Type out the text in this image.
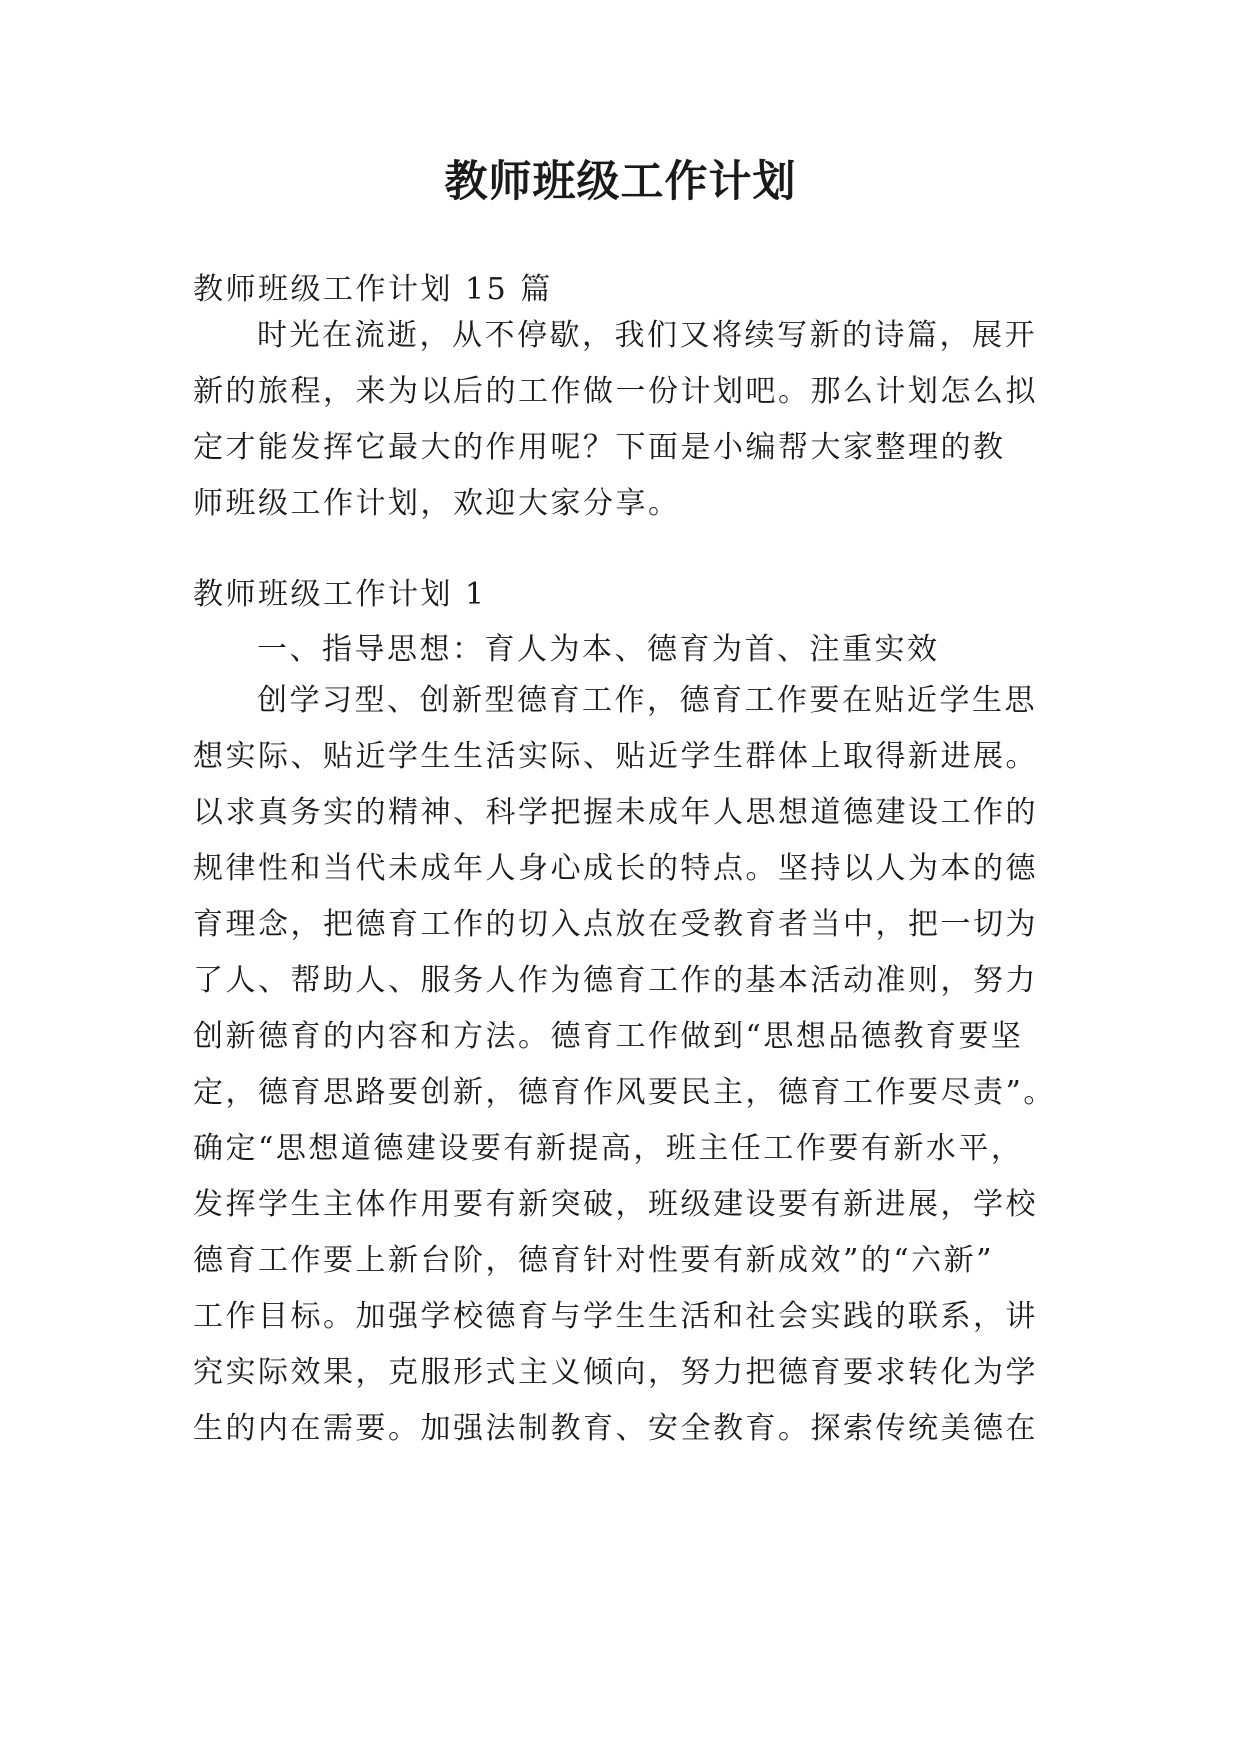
教师班级工作计划

教师班级工作计划 15 篇

时光在流逝，从不停歇，我们又将续写新的诗篇，展开
新的旅程，来为以后的工作做一份计划吧。那么计划怎么拟
定才能发挥它最大的作用呢？下面是小编帮大家整理的教
师班级工作计划，欢迎大家分享。

教师班级工作计划 1

一、指导思想：育人为本、德育为首、注重实效

创学习型、创新型德育工作，德育工作要在贴近学生思
想实际、贴近学生生活实际、贴近学生群体上取得新进展。
以求真务实的精神、科学把握未成年人思想道德建设工作的
规律性和当代未成年人身心成长的特点。坚持以人为本的德
育理念，把德育工作的切入点放在受教育者当中，把一切为
了人、帮助人、服务人作为德育工作的基本活动准则，努力
创新德育的内容和方法。德育工作做到“思想品德教育要坚
定，德育思路要创新，德育作风要民主，德育工作要尽责”。
确定“思想道德建设要有新提高，班主任工作要有新水平，
发挥学生主体作用要有新突破，班级建设要有新进展，学校
德育工作要上新台阶，德育针对性要有新成效”的“六新”
工作目标。加强学校德育与学生生活和社会实践的联系，讲
究实际效果，克服形式主义倾向，努力把德育要求转化为学
生的内在需要。加强法制教育、安全教育。探索传统美德在
